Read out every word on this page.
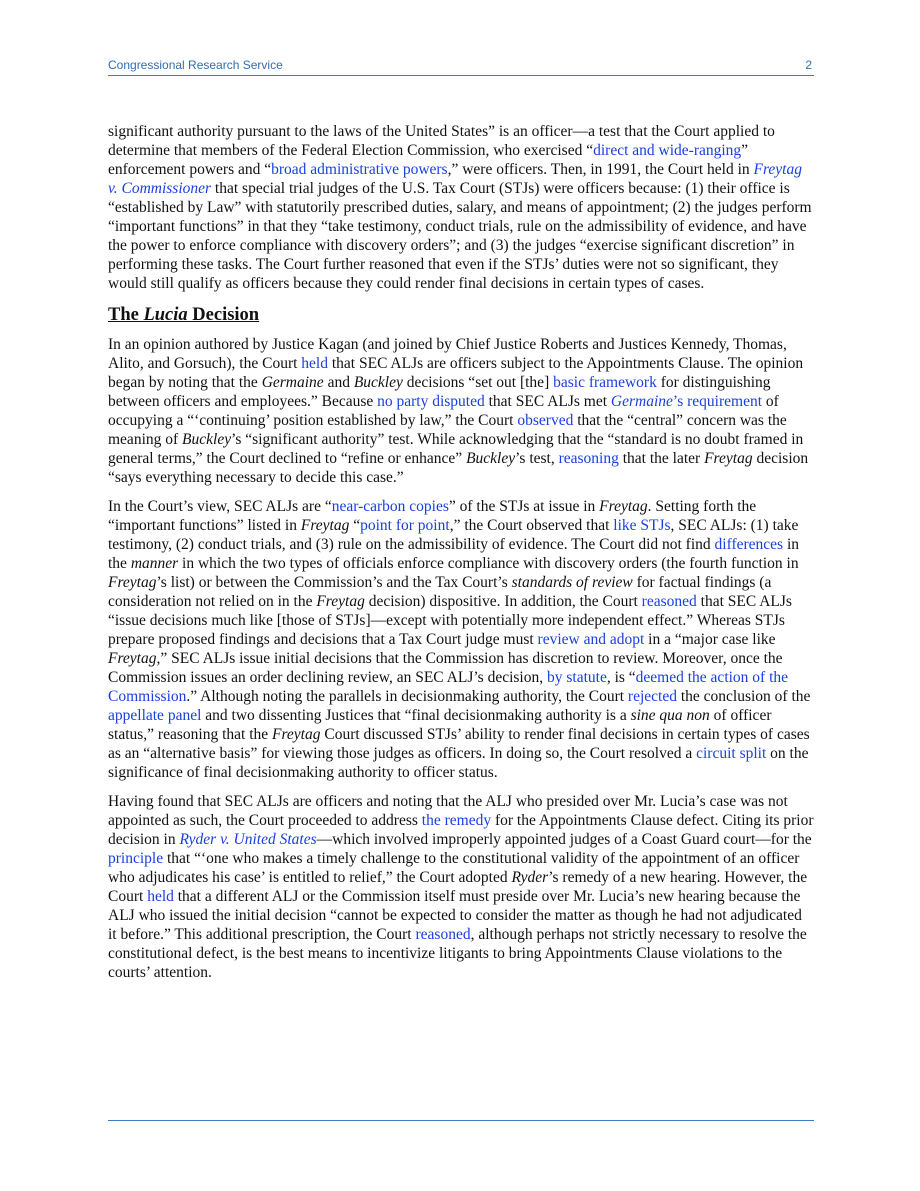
Congressional Research Service	2

significant authority pursuant to the laws of the United States” is an officer—a test that the Court applied to determine that members of the Federal Election Commission, who exercised “direct and wide-ranging” enforcement powers and “broad administrative powers,” were officers. Then, in 1991, the Court held in Freytag v. Commissioner that special trial judges of the U.S. Tax Court (STJs) were officers because: (1) their office is “established by Law” with statutorily prescribed duties, salary, and means of appointment; (2) the judges perform “important functions” in that they “take testimony, conduct trials, rule on the admissibility of evidence, and have the power to enforce compliance with discovery orders”; and (3) the judges “exercise significant discretion” in performing these tasks. The Court further reasoned that even if the STJs’ duties were not so significant, they would still qualify as officers because they could render final decisions in certain types of cases.

The Lucia Decision

In an opinion authored by Justice Kagan (and joined by Chief Justice Roberts and Justices Kennedy, Thomas, Alito, and Gorsuch), the Court held that SEC ALJs are officers subject to the Appointments Clause. The opinion began by noting that the Germaine and Buckley decisions “set out [the] basic framework for distinguishing between officers and employees.” Because no party disputed that SEC ALJs met Germaine’s requirement of occupying a “‘continuing’ position established by law,” the Court observed that the “central” concern was the meaning of Buckley’s “significant authority” test. While acknowledging that the “standard is no doubt framed in general terms,” the Court declined to “refine or enhance” Buckley’s test, reasoning that the later Freytag decision “says everything necessary to decide this case.”

In the Court’s view, SEC ALJs are “near-carbon copies” of the STJs at issue in Freytag. Setting forth the “important functions” listed in Freytag “point for point,” the Court observed that like STJs, SEC ALJs: (1) take testimony, (2) conduct trials, and (3) rule on the admissibility of evidence. The Court did not find differences in the manner in which the two types of officials enforce compliance with discovery orders (the fourth function in Freytag’s list) or between the Commission’s and the Tax Court’s standards of review for factual findings (a consideration not relied on in the Freytag decision) dispositive. In addition, the Court reasoned that SEC ALJs “issue decisions much like [those of STJs]—except with potentially more independent effect.” Whereas STJs prepare proposed findings and decisions that a Tax Court judge must review and adopt in a “major case like Freytag,” SEC ALJs issue initial decisions that the Commission has discretion to review. Moreover, once the Commission issues an order declining review, an SEC ALJ’s decision, by statute, is “deemed the action of the Commission.” Although noting the parallels in decisionmaking authority, the Court rejected the conclusion of the appellate panel and two dissenting Justices that “final decisionmaking authority is a sine qua non of officer status,” reasoning that the Freytag Court discussed STJs’ ability to render final decisions in certain types of cases as an “alternative basis” for viewing those judges as officers. In doing so, the Court resolved a circuit split on the significance of final decisionmaking authority to officer status.

Having found that SEC ALJs are officers and noting that the ALJ who presided over Mr. Lucia’s case was not appointed as such, the Court proceeded to address the remedy for the Appointments Clause defect. Citing its prior decision in Ryder v. United States—which involved improperly appointed judges of a Coast Guard court—for the principle that “‘one who makes a timely challenge to the constitutional validity of the appointment of an officer who adjudicates his case’ is entitled to relief,” the Court adopted Ryder’s remedy of a new hearing. However, the Court held that a different ALJ or the Commission itself must preside over Mr. Lucia’s new hearing because the ALJ who issued the initial decision “cannot be expected to consider the matter as though he had not adjudicated it before.” This additional prescription, the Court reasoned, although perhaps not strictly necessary to resolve the constitutional defect, is the best means to incentivize litigants to bring Appointments Clause violations to the courts’ attention.
